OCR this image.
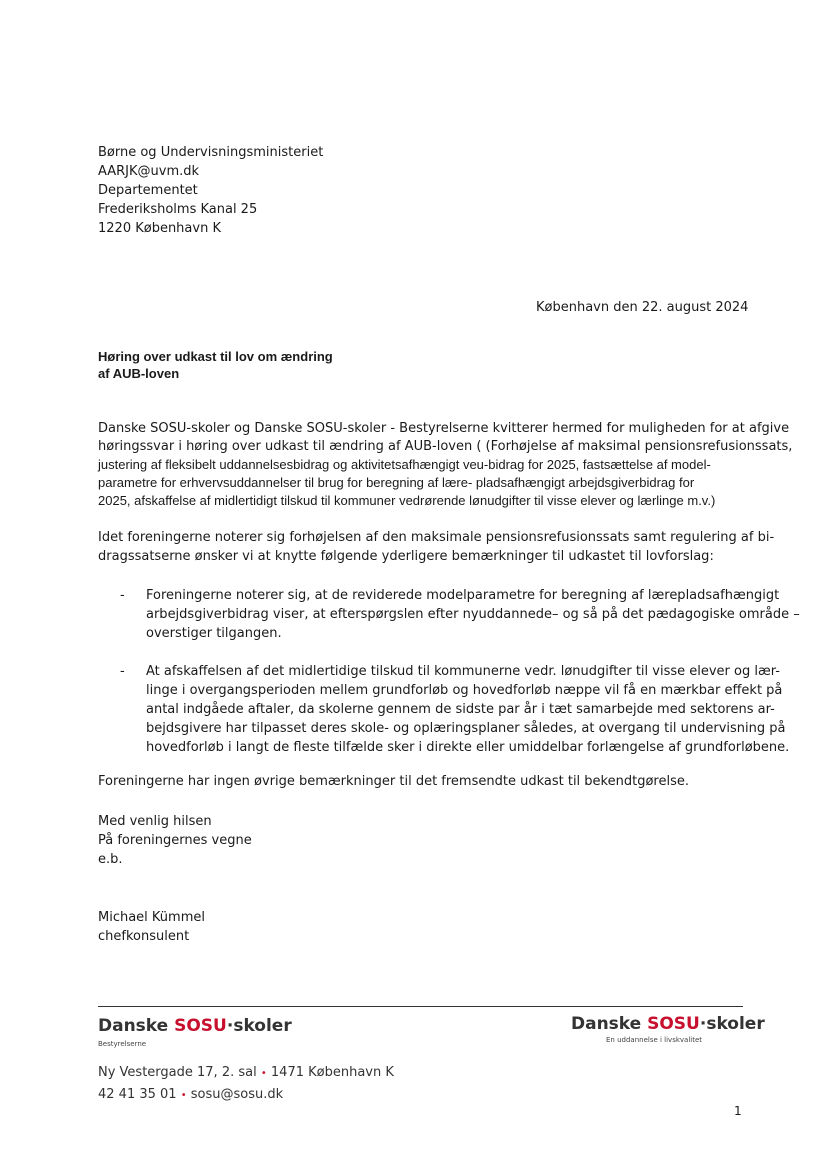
Børne og Undervisningsministeriet
AARJK@uvm.dk
Departementet
Frederiksholms Kanal 25
1220 København K
København den 22. august 2024
Høring over udkast til lov om ændring
af AUB-loven
Danske SOSU-skoler og Danske SOSU-skoler - Bestyrelserne kvitterer hermed for muligheden for at afgive
høringssvar i høring over udkast til ændring af AUB-loven ( (Forhøjelse af maksimal pensionsrefusionssats,
justering af fleksibelt uddannelsesbidrag og aktivitetsafhængigt veu-bidrag for 2025, fastsættelse af model-
parametre for erhvervsuddannelser til brug for beregning af lære- pladsafhængigt arbejdsgiverbidrag for
2025, afskaffelse af midlertidigt tilskud til kommuner vedrørende lønudgifter til visse elever og lærlinge m.v.)
Idet foreningerne noterer sig forhøjelsen af den maksimale pensionsrefusionssats samt regulering af bi-
dragssatserne ønsker vi at knytte følgende yderligere bemærkninger til udkastet til lovforslag:
- Foreningerne noterer sig, at de reviderede modelparametre for beregning af lærepladsafhængigt
arbejdsgiverbidrag viser, at efterspørgslen efter nyuddannede– og så på det pædagogiske område –
overstiger tilgangen.
- At afskaffelsen af det midlertidige tilskud til kommunerne vedr. lønudgifter til visse elever og lær-
linge i overgangsperioden mellem grundforløb og hovedforløb næppe vil få en mærkbar effekt på
antal indgåede aftaler, da skolerne gennem de sidste par år i tæt samarbejde med sektorens ar-
bejdsgivere har tilpasset deres skole- og oplæringsplaner således, at overgang til undervisning på
hovedforløb i langt de fleste tilfælde sker i direkte eller umiddelbar forlængelse af grundforløbene.
Foreningerne har ingen øvrige bemærkninger til det fremsendte udkast til bekendtgørelse.
Med venlig hilsen
På foreningernes vegne
e.b.
Michael Kümmel
chefkonsulent
Danske SOSU·skoler
Bestyrelserne
Danske SOSU·skoler
En uddannelse i livskvalitet
Ny Vestergade 17, 2. sal • 1471 København K
42 41 35 01 • sosu@sosu.dk
1
